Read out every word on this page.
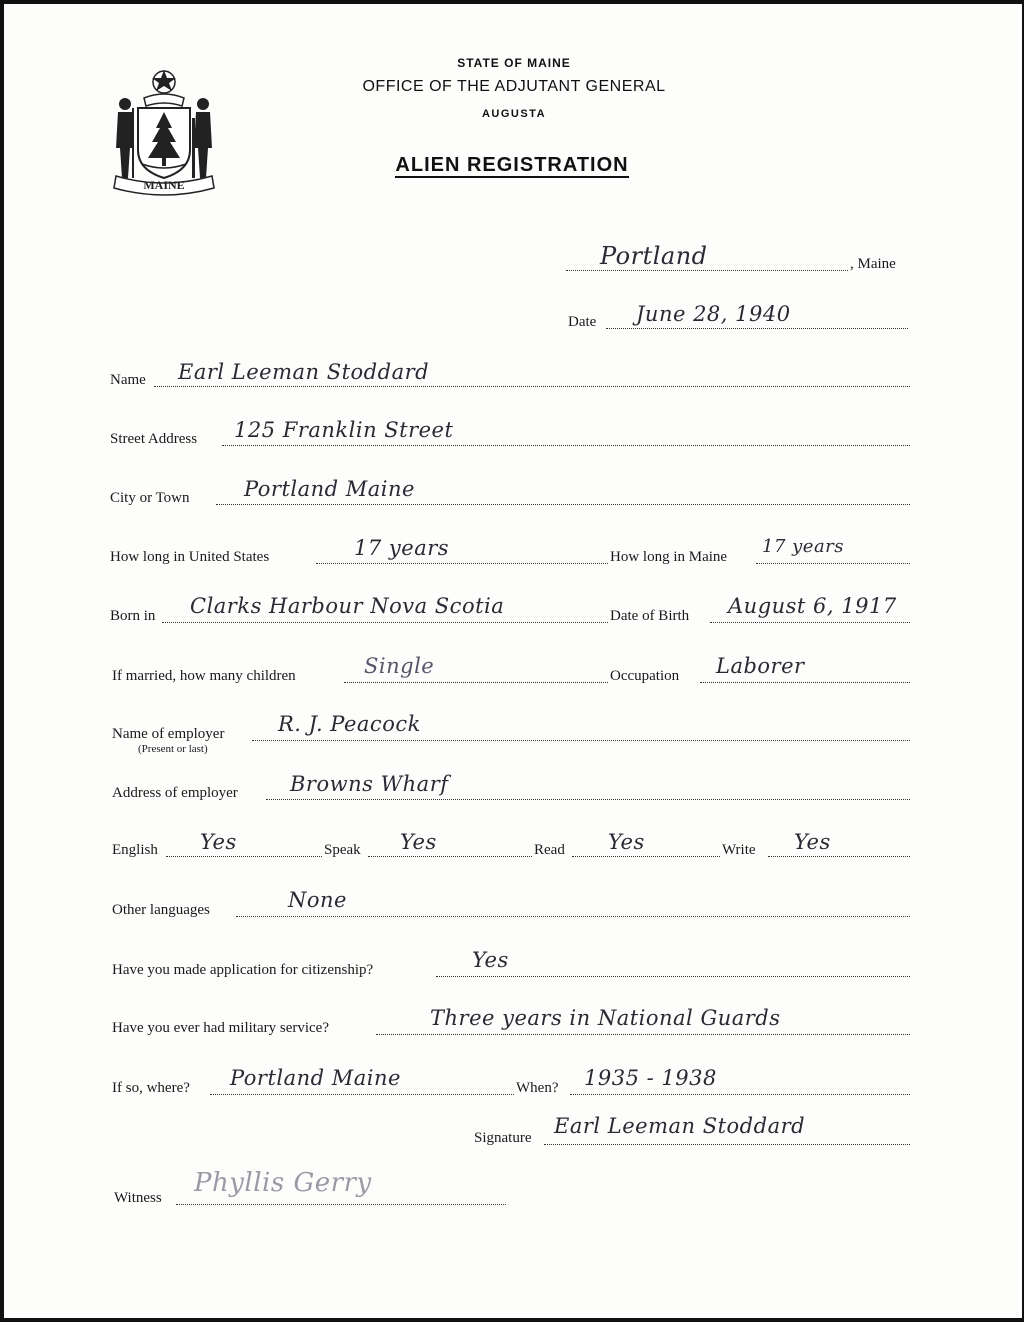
MAINE
STATE OF MAINE
OFFICE OF THE ADJUTANT GENERAL
AUGUSTA
ALIEN REGISTRATION
Portland	, Maine
Date June 28, 1940
Name Earl Leeman Stoddard
Street Address 125 Franklin Street
City or Town	Portland Maine
How long in United States	17 years	How long in Maine 17 years
Born in Clarks Harbour Nova Scotia	Date of Birth August 6, 1917
If married, how many children	Single	Occupation Laborer
Name of employer
(Present or last)
R. J. Peacock
Address of employer Browns Wharf
English Yes	Speak Yes	Read Yes	Write Yes
Other languages	None
Have you made application for citizenship?	Yes
Have you ever had military service?	Three years in National Guards
If so, where? Portland Maine	When? 1935 - 1938
Signature Earl Leeman Stoddard
Witness Phyllis Gerry
